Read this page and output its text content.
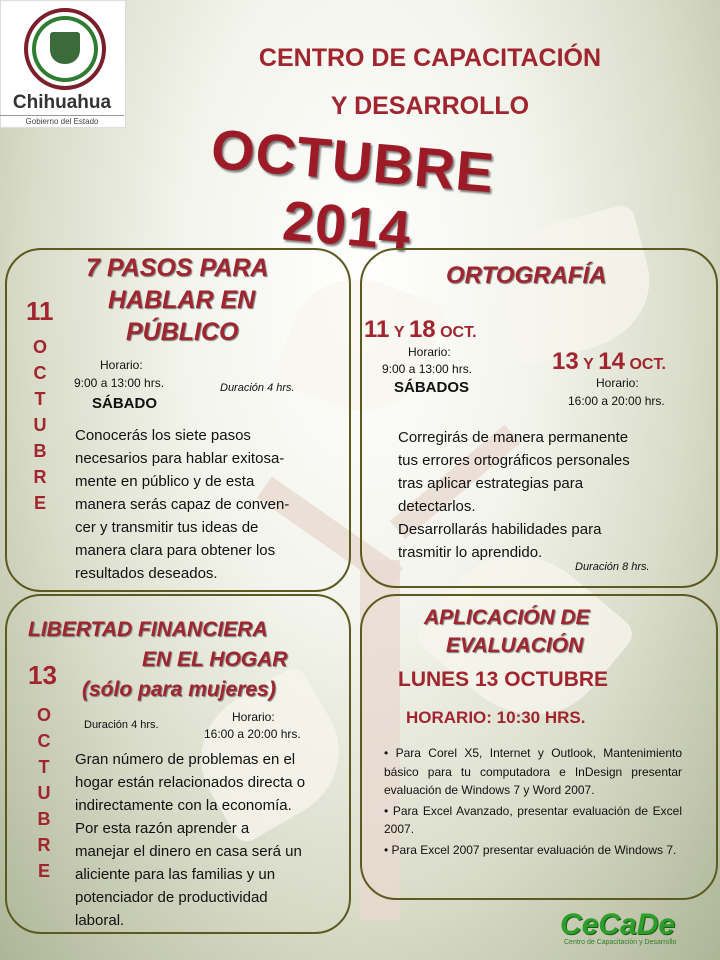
Chihuahua
Gobierno del Estado
CENTRO DE CAPACITACIÓN
Y DESARROLLO
OCTUBRE 2014
7 PASOS PARA
HABLAR EN
PÚBLICO
11
O
C
T
U
B
R
E
Horario:
9:00 a 13:00 hrs.
SÁBADO
Duración 4 hrs.
Conocerás los siete pasos
necesarios para hablar exitosa-
mente en público y de esta
manera serás capaz de conven-
cer y transmitir tus ideas de
manera clara para obtener los
resultados deseados.
ORTOGRAFÍA
11 Y 18 OCT.
Horario:
9:00 a 13:00 hrs.
SÁBADOS
13 Y 14 OCT.
Horario:
16:00 a 20:00 hrs.
Corregirás de manera permanente
tus errores ortográficos personales
tras aplicar estrategias para
detectarlos.
Desarrollarás habilidades para
trasmitir lo aprendido.
Duración 8 hrs.
LIBERTAD FINANCIERA
EN EL HOGAR
(sólo para mujeres)
13
O
C
T
U
B
R
E
Duración 4 hrs.
Horario:
16:00 a 20:00 hrs.
Gran número de problemas en el
hogar están relacionados directa o
indirectamente con la economía.
Por esta razón aprender a
manejar el dinero en casa será un
aliciente para las familias y un
potenciador de productividad
laboral.
APLICACIÓN DE
EVALUACIÓN
LUNES 13 OCTUBRE
HORARIO: 10:30 HRS.
• Para Corel X5, Internet y Outlook, Mantenimiento básico para tu computadora e InDesign presentar evaluación de Windows 7 y Word 2007.
• Para Excel Avanzado, presentar evaluación de Excel 2007.
• Para Excel 2007 presentar evaluación de Windows 7.
CeCaDe
Centro de Capacitación y Desarrollo
